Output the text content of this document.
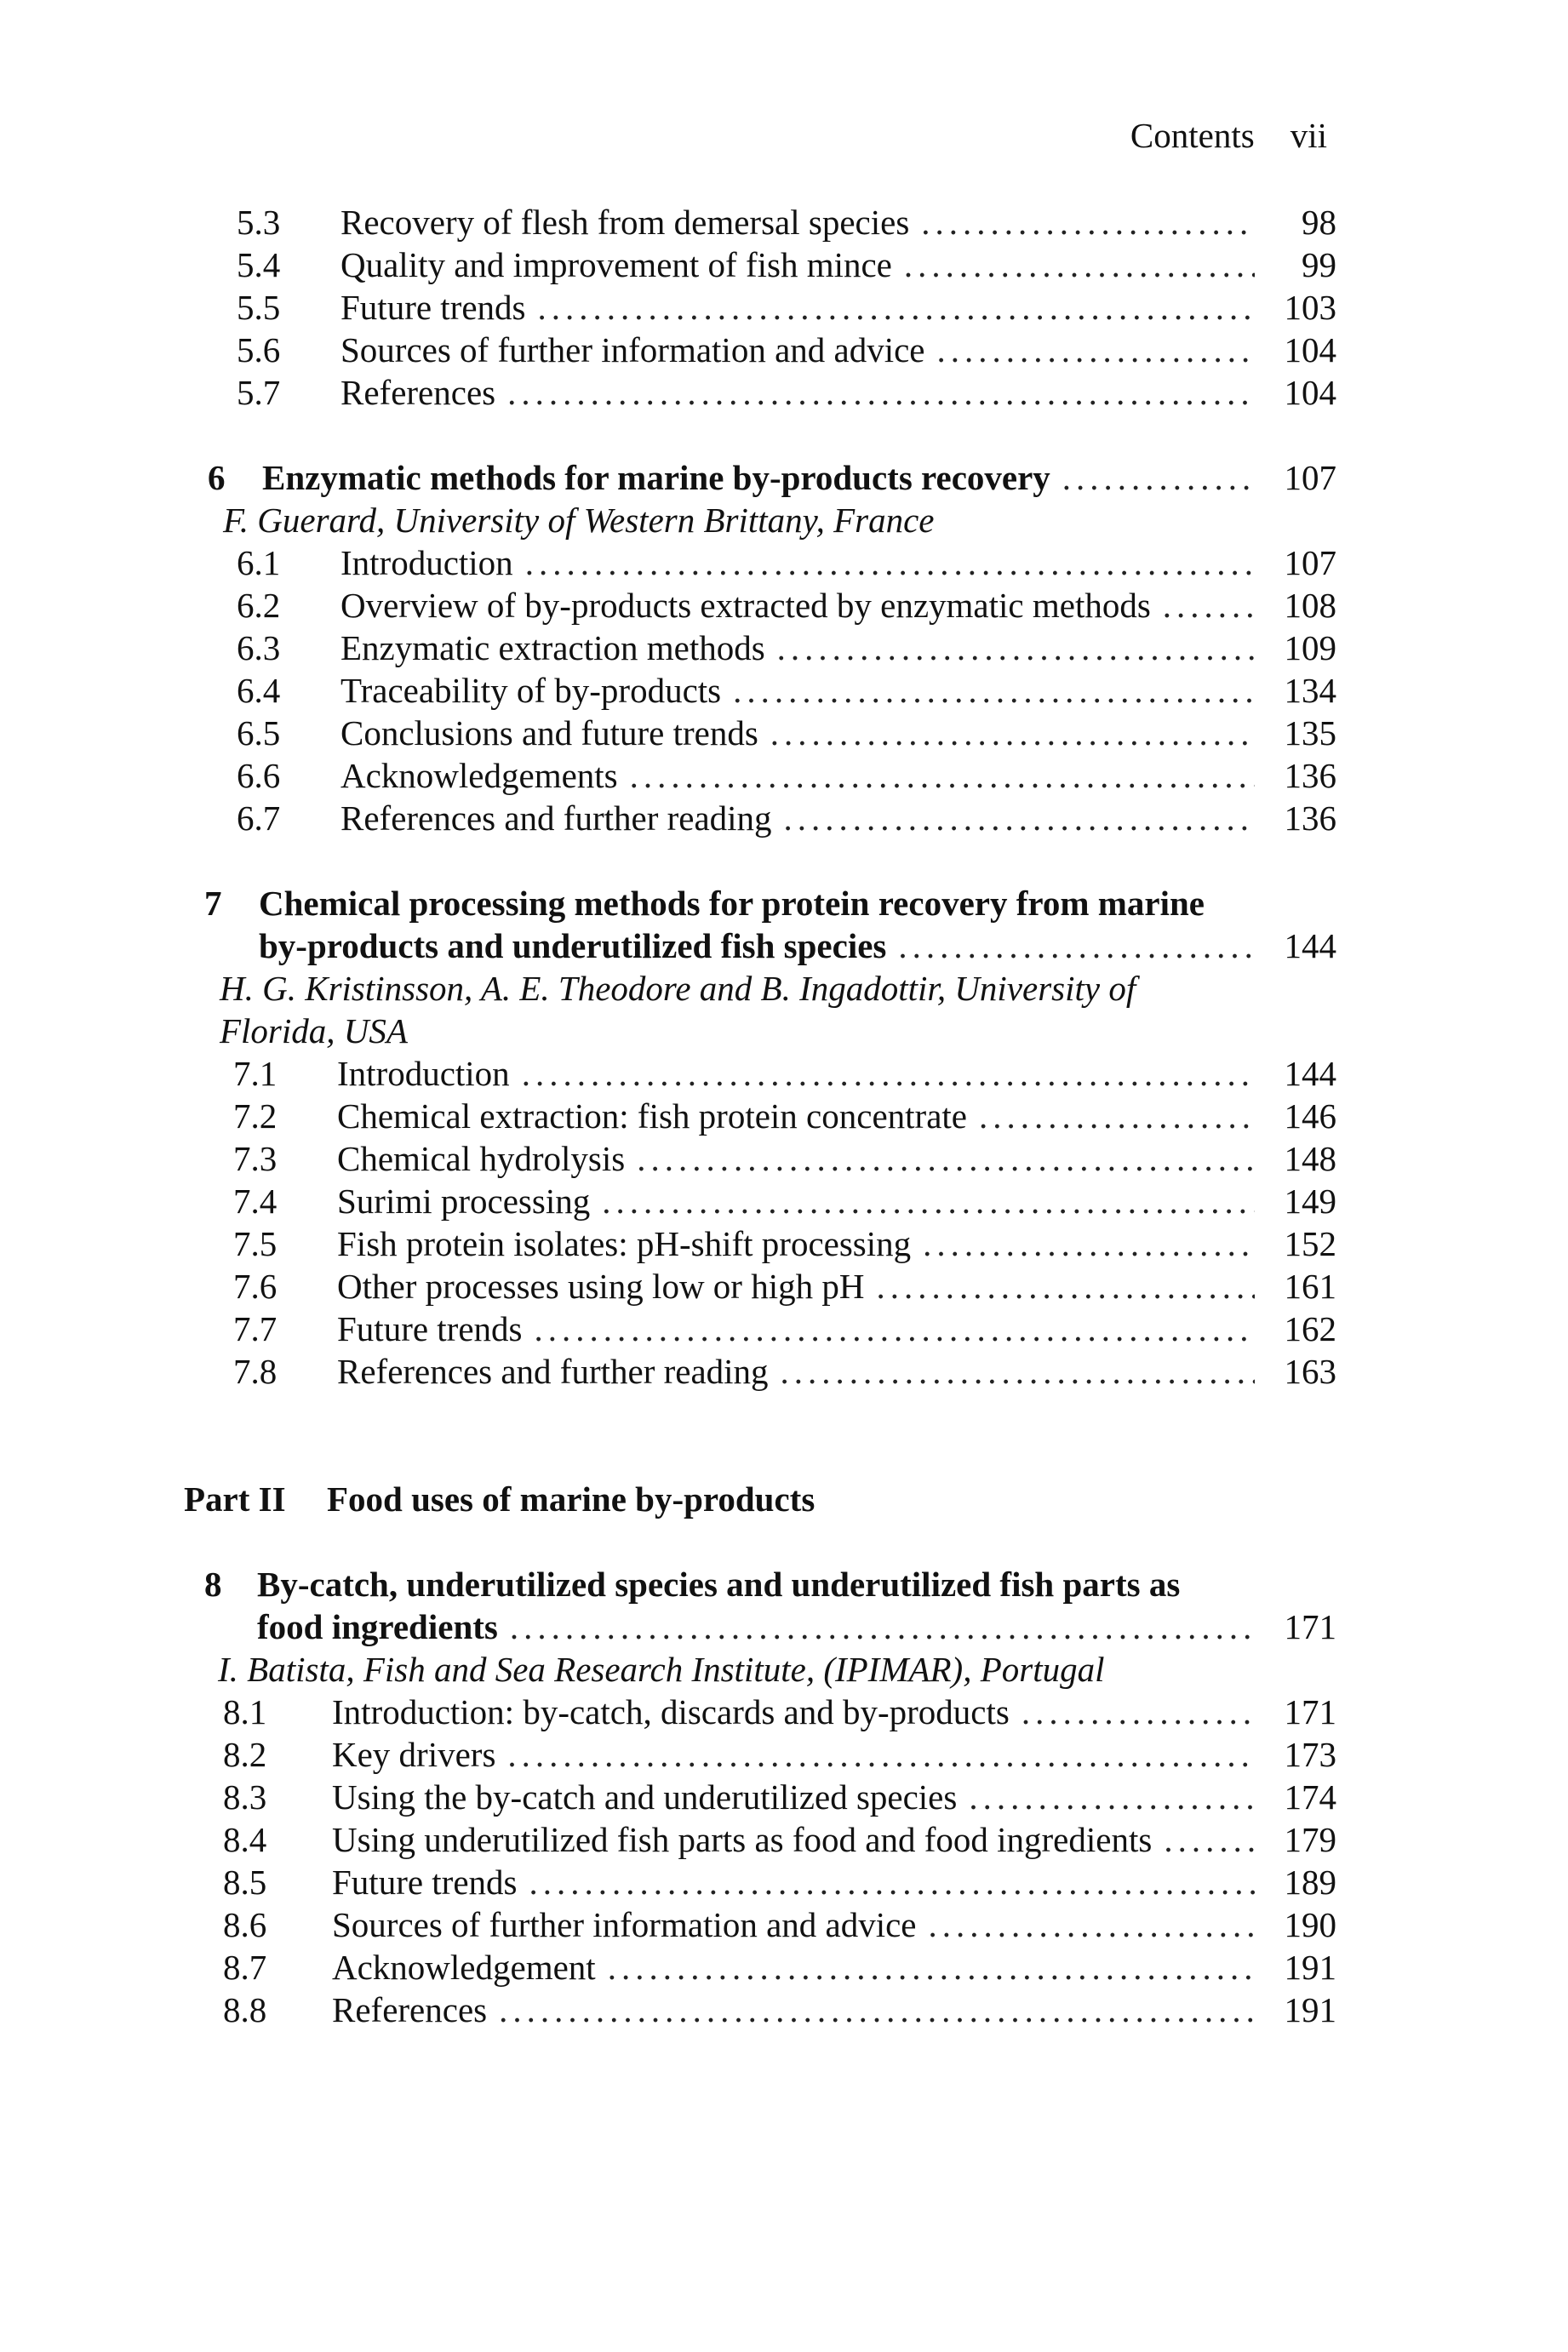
Contents vii
5.3 Recovery of flesh from demersal species .....	98
5.4 Quality and improvement of fish mince .....	99
5.5 Future trends .....	103
5.6 Sources of further information and advice .....	104
5.7 References .....	104
6 Enzymatic methods for marine by-products recovery .....	107
F. Guerard, University of Western Brittany, France
6.1 Introduction .....	107
6.2 Overview of by-products extracted by enzymatic methods .....	108
6.3 Enzymatic extraction methods .....	109
6.4 Traceability of by-products .....	134
6.5 Conclusions and future trends .....	135
6.6 Acknowledgements .....	136
6.7 References and further reading .....	136
7 Chemical processing methods for protein recovery from marine
by-products and underutilized fish species .....	144
H. G. Kristinsson, A. E. Theodore and B. Ingadottir, University of
Florida, USA
7.1 Introduction .....	144
7.2 Chemical extraction: fish protein concentrate .....	146
7.3 Chemical hydrolysis .....	148
7.4 Surimi processing .....	149
7.5 Fish protein isolates: pH-shift processing .....	152
7.6 Other processes using low or high pH .....	161
7.7 Future trends .....	162
7.8 References and further reading .....	163
Part II Food uses of marine by-products
8 By-catch, underutilized species and underutilized fish parts as
food ingredients .....	171
I. Batista, Fish and Sea Research Institute, (IPIMAR), Portugal
8.1 Introduction: by-catch, discards and by-products .....	171
8.2 Key drivers .....	173
8.3 Using the by-catch and underutilized species .....	174
8.4 Using underutilized fish parts as food and food ingredients .....	179
8.5 Future trends .....	189
8.6 Sources of further information and advice .....	190
8.7 Acknowledgement .....	191
8.8 References .....	191
